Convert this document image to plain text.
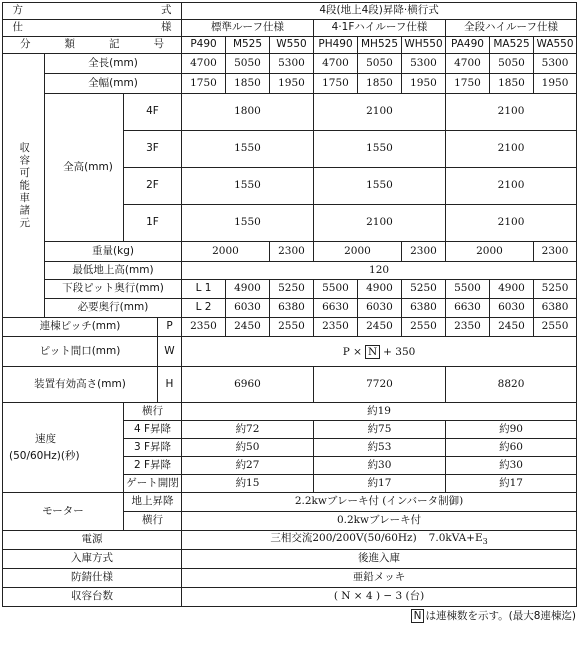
方 式				4段(地上4段)昇降·横行式									
仕 様				標準ルーフ仕様			4·1Fハイルーフ仕様			全段ハイルーフ仕様			
分 類 記 号				P490	M525	W550	PH490	MH525	WH550	PA490	MA525	WA550	
収容可能車諸元	全長(mm)			4700	5050	5300	4700	5050	5300	4700	5050	5300	
	全幅(mm)			1750	1850	1950	1750	1850	1950	1750	1850	1950	
	全高(mm)	4F		1800			2100			2100			
		3F		1550			1550			2100			
		2F		1550			1550			2100			
		1F		1550			2100			2100			
	重量(kg)			2000		2300	2000		2300	2000		2300	
	最低地上高(mm)			120									
	下段ピット奥行(mm)			L 1	4900	5250	5500	4900	5250	5500	4900	5250	
	必要奥行(mm)			L 2	6030	6380	6630	6030	6380	6630	6030	6380	
連棟ピッチ(mm)			P	2350	2450	2550	2350	2450	2550	2350	2450	2550	
ピット間口(mm)			W	P × N + 350									
装置有効高さ(mm)			H	6960			7720			8820			
速度
(50/60Hz)(秒)		横行		約19									
		4 F昇降		約72			約75			約90			
		3 F昇降		約50			約53			約60			
		2 F昇降		約27			約30			約30			
		ゲート開閉		約15			約17			約17			
モーター		地上昇降		2.2kwブレーキ付 (インバータ制御)									
		横行		0.2kwブレーキ付									
電源				三相交流200/200V(50/60Hz) $7.0kVA+E_3$
入庫方式				後進入庫									
防錆仕様				亜鉛メッキ									
収容台数				( N × 4 ) − 3 (台)									
N は連棟数を示す。(最大8連棟迄)
